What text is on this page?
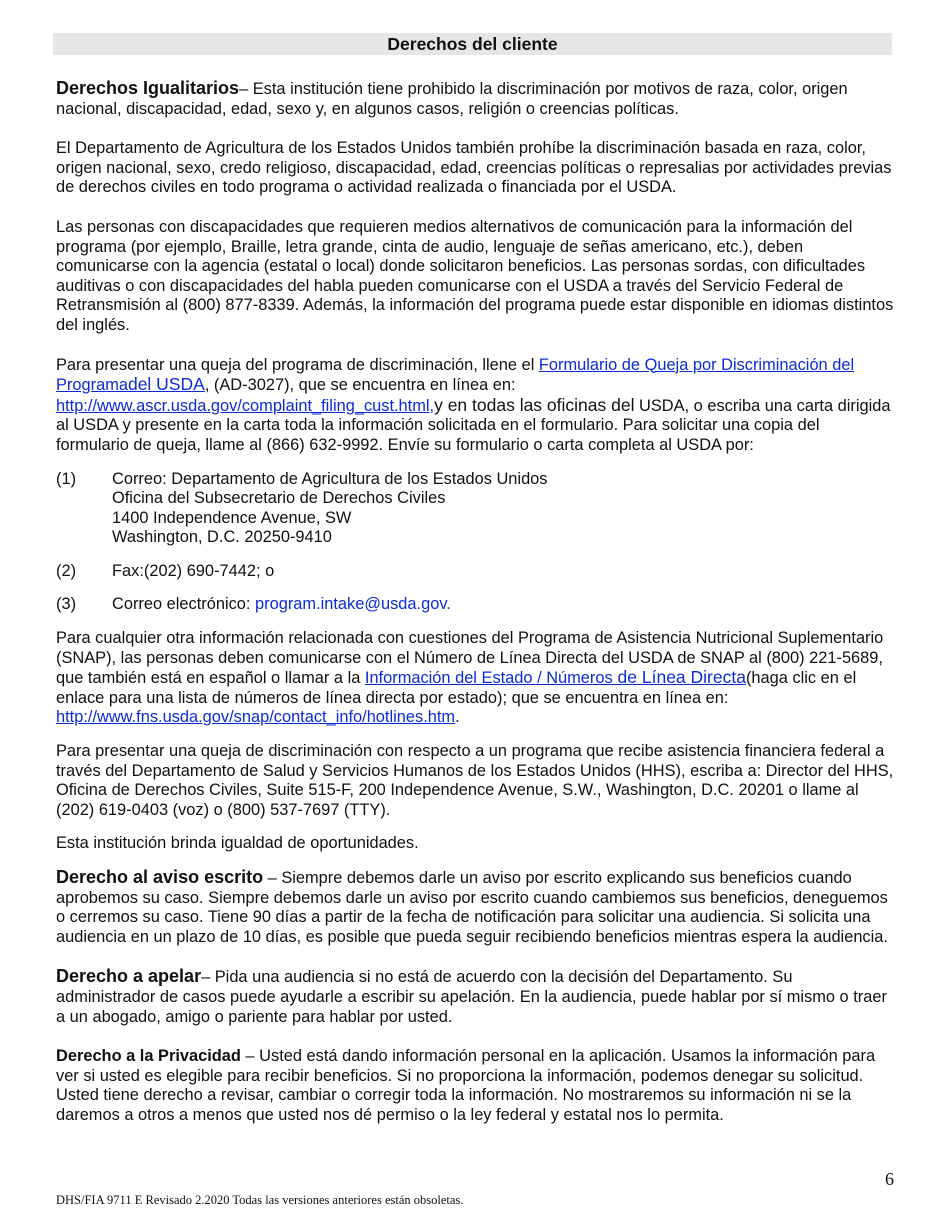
Derechos del cliente

Derechos Igualitarios– Esta institución tiene prohibido la discriminación por motivos de raza, color, origen nacional, discapacidad, edad, sexo y, en algunos casos, religión o creencias políticas.

El Departamento de Agricultura de los Estados Unidos también prohíbe la discriminación basada en raza, color, origen nacional, sexo, credo religioso, discapacidad, edad, creencias políticas o represalias por actividades previas de derechos civiles en todo programa o actividad realizada o financiada por el USDA.

Las personas con discapacidades que requieren medios alternativos de comunicación para la información del programa (por ejemplo, Braille, letra grande, cinta de audio, lenguaje de señas americano, etc.), deben comunicarse con la agencia (estatal o local) donde solicitaron beneficios. Las personas sordas, con dificultades auditivas o con discapacidades del habla pueden comunicarse con el USDA a través del Servicio Federal de Retransmisión al (800) 877-8339. Además, la información del programa puede estar disponible en idiomas distintos del inglés.

Para presentar una queja del programa de discriminación, llene el Formulario de Queja por Discriminación del Programadel USDA, (AD-3027), que se encuentra en línea en:
http://www.ascr.usda.gov/complaint_filing_cust.html,y en todas las oficinas del USDA, o escriba una carta dirigida al USDA y presente en la carta toda la información solicitada en el formulario. Para solicitar una copia del formulario de queja, llame al (866) 632-9992. Envíe su formulario o carta completa al USDA por:

(1)	Correo: Departamento de Agricultura de los Estados Unidos
Oficina del Subsecretario de Derechos Civiles
1400 Independence Avenue, SW
Washington, D.C. 20250-9410
(2)	Fax:(202) 690-7442; o
(3)	Correo electrónico: program.intake@usda.gov.

Para cualquier otra información relacionada con cuestiones del Programa de Asistencia Nutricional Suplementario (SNAP), las personas deben comunicarse con el Número de Línea Directa del USDA de SNAP al (800) 221-5689, que también está en español o llamar a la Información del Estado / Números de Línea Directa(haga clic en el enlace para una lista de números de línea directa por estado); que se encuentra en línea en: http://www.fns.usda.gov/snap/contact_info/hotlines.htm.

Para presentar una queja de discriminación con respecto a un programa que recibe asistencia financiera federal a través del Departamento de Salud y Servicios Humanos de los Estados Unidos (HHS), escriba a: Director del HHS, Oficina de Derechos Civiles, Suite 515-F, 200 Independence Avenue, S.W., Washington, D.C. 20201 o llame al (202) 619-0403 (voz) o (800) 537-7697 (TTY).

Esta institución brinda igualdad de oportunidades.

Derecho al aviso escrito – Siempre debemos darle un aviso por escrito explicando sus beneficios cuando aprobemos su caso. Siempre debemos darle un aviso por escrito cuando cambiemos sus beneficios, deneguemos o cerremos su caso. Tiene 90 días a partir de la fecha de notificación para solicitar una audiencia. Si solicita una audiencia en un plazo de 10 días, es posible que pueda seguir recibiendo beneficios mientras espera la audiencia.

Derecho a apelar– Pida una audiencia si no está de acuerdo con la decisión del Departamento. Su administrador de casos puede ayudarle a escribir su apelación. En la audiencia, puede hablar por sí mismo o traer a un abogado, amigo o pariente para hablar por usted.

Derecho a la Privacidad – Usted está dando información personal en la aplicación. Usamos la información para ver si usted es elegible para recibir beneficios. Si no proporciona la información, podemos denegar su solicitud. Usted tiene derecho a revisar, cambiar o corregir toda la información. No mostraremos su información ni se la daremos a otros a menos que usted nos dé permiso o la ley federal y estatal nos lo permita.

6
DHS/FIA 9711 E Revisado 2.2020 Todas las versiones anteriores están obsoletas.
